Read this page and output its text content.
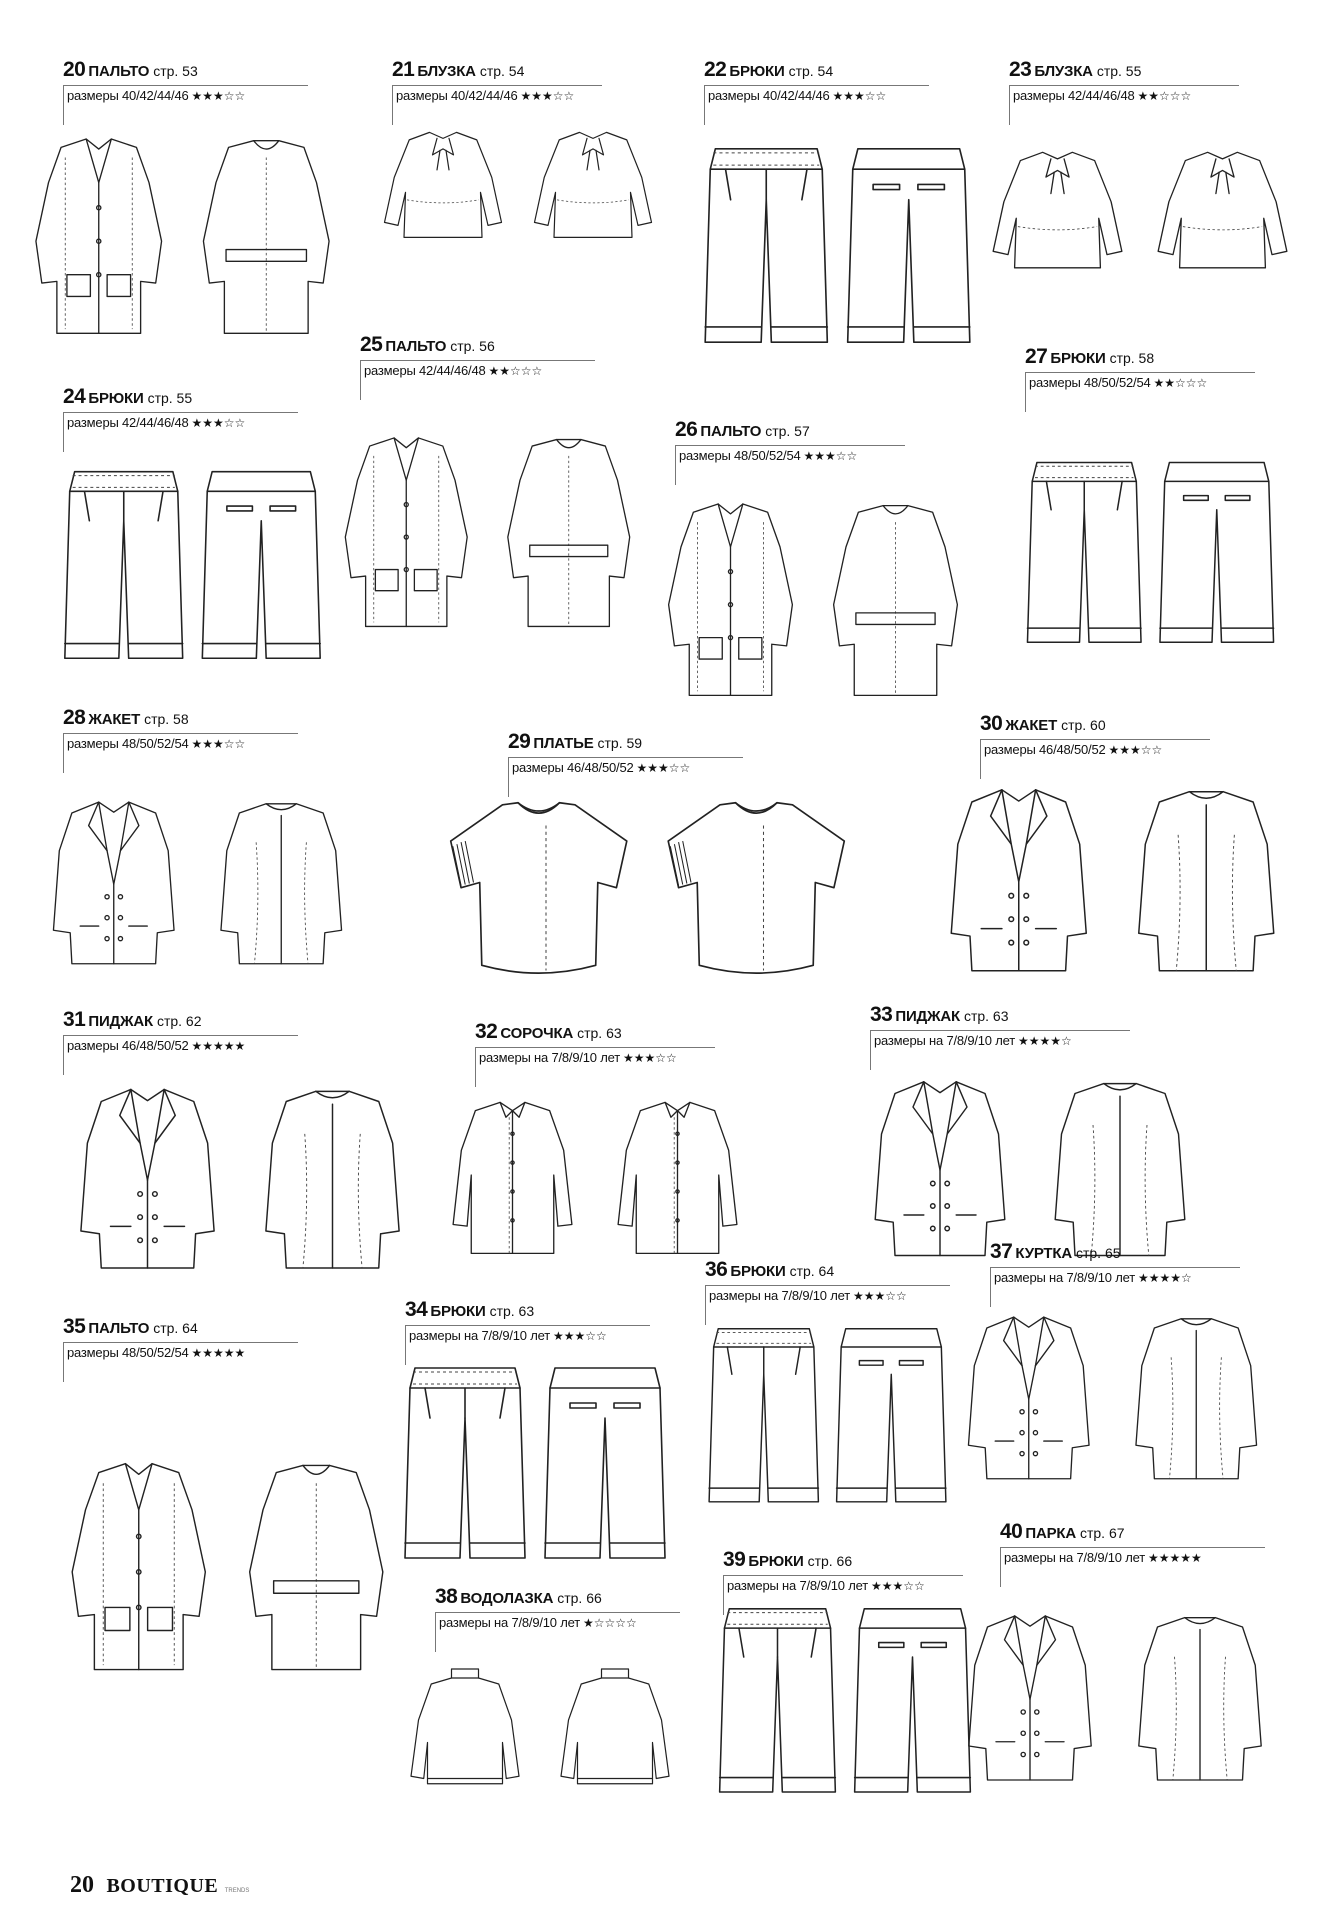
20 ПАЛЬТО стр. 53
размеры 40/42/44/46 ★★★☆☆
21 БЛУЗКА стр. 54
размеры 40/42/44/46 ★★★☆☆
22 БРЮКИ стр. 54
размеры 40/42/44/46 ★★★☆☆
23 БЛУЗКА стр. 55
размеры 42/44/46/48 ★★☆☆☆
24 БРЮКИ стр. 55
размеры 42/44/46/48 ★★★☆☆
25 ПАЛЬТО стр. 56
размеры 42/44/46/48 ★★☆☆☆
26 ПАЛЬТО стр. 57
размеры 48/50/52/54 ★★★☆☆
27 БРЮКИ стр. 58
размеры 48/50/52/54 ★★☆☆☆
28 ЖАКЕТ стр. 58
размеры 48/50/52/54 ★★★☆☆	29 ПЛАТЬЕ стр. 59
размеры 46/48/50/52 ★★★☆☆
30 ЖАКЕТ стр. 60
размеры 46/48/50/52 ★★★☆☆
31 ПИДЖАК стр. 62
размеры 46/48/50/52 ★★★★★
32 СОРОЧКА стр. 63
размеры на 7/8/9/10 лет ★★★☆☆
33 ПИДЖАК стр. 63
размеры на 7/8/9/10 лет ★★★★☆
34 БРЮКИ стр. 63
размеры на 7/8/9/10 лет ★★★☆☆
35 ПАЛЬТО стр. 64
размеры 48/50/52/54 ★★★★★
36 БРЮКИ стр. 64
размеры на 7/8/9/10 лет ★★★☆☆
37 КУРТКА стр. 65
размеры на 7/8/9/10 лет ★★★★☆
38 ВОДОЛАЗКА стр. 66
размеры на 7/8/9/10 лет ★☆☆☆☆
39 БРЮКИ стр. 66
размеры на 7/8/9/10 лет ★★★☆☆
40 ПАРКА стр. 67
размеры на 7/8/9/10 лет ★★★★★
20 BOUTIQUE TRENDS
